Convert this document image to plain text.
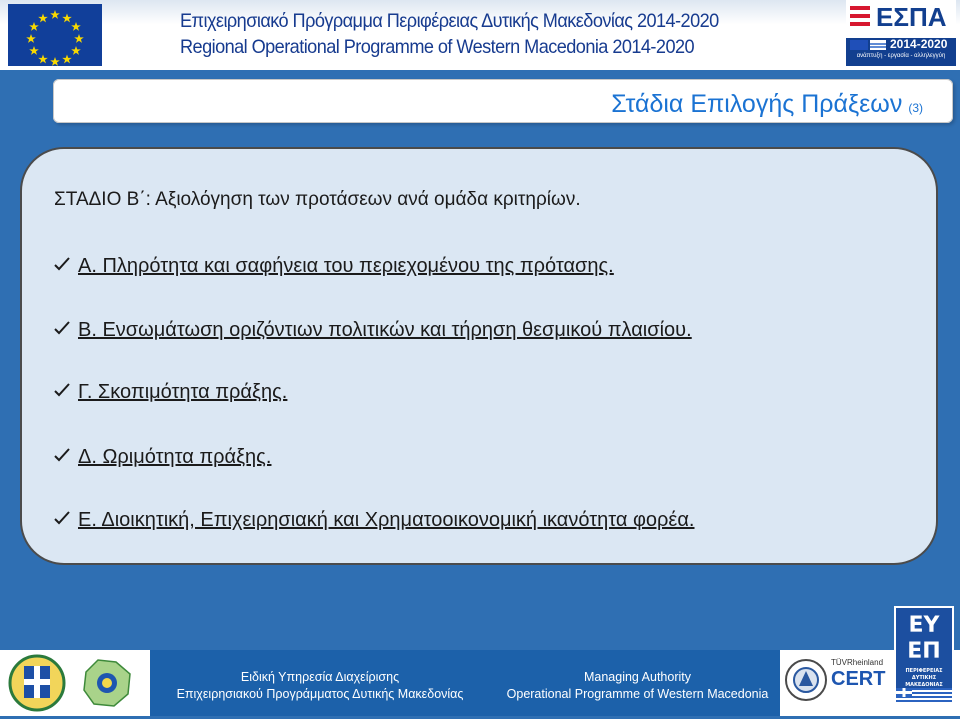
Επιχειρησιακό Πρόγραμμα Περιφέρειας Δυτικής Μακεδονίας 2014-2020
Regional Operational Programme of Western Macedonia 2014-2020
ΕΣΠΑ
2014-2020
ανάπτυξη - εργασία - αλληλεγγύη
Στάδια Επιλογής Πράξεων (3)
ΣΤΑΔΙΟ Β΄: Αξιολόγηση των προτάσεων ανά ομάδα κριτηρίων.
Α. Πληρότητα και σαφήνεια του περιεχομένου της πρότασης.
Β. Ενσωμάτωση οριζόντιων πολιτικών και τήρηση θεσμικού πλαισίου.
Γ. Σκοπιμότητα πράξης.
Δ. Ωριμότητα πράξης.
Ε. Διοικητική, Επιχειρησιακή και Χρηματοοικονομική ικανότητα φορέα.
Ειδική Υπηρεσία Διαχείρισης
Επιχειρησιακού Προγράμματος Δυτικής Μακεδονίας
Managing Authority
Operational Programme of Western Macedonia
TÜVRheinland
CERT
ΕΥ
ΕΠ
ΠΕΡΙΦΕΡΕΙΑΣ ΔΥΤΙΚΗΣ ΜΑΚΕΔΟΝΙΑΣ
